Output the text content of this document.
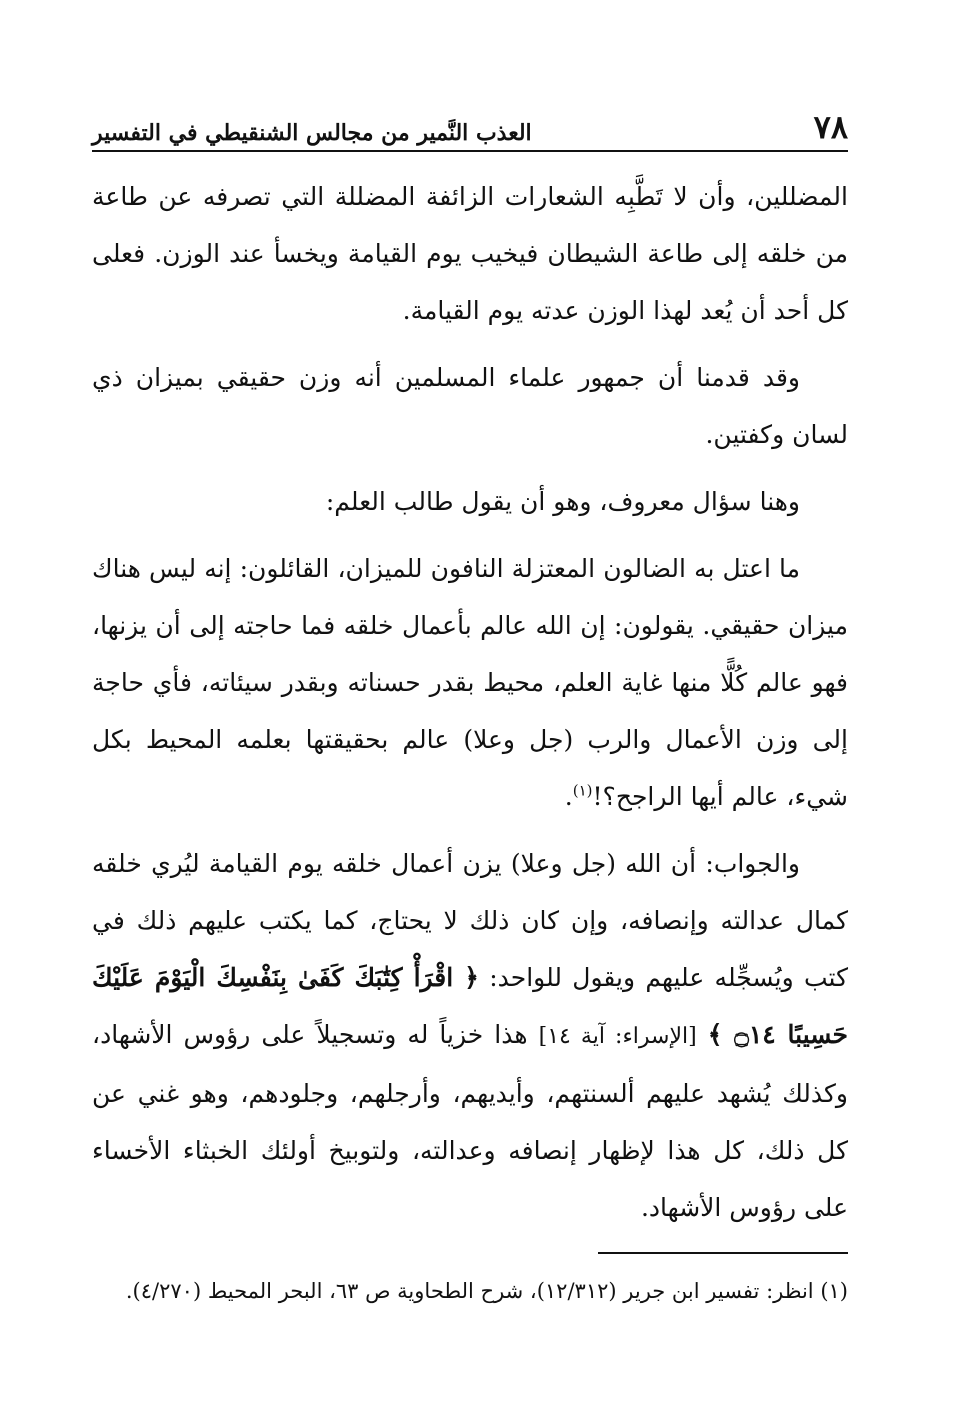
٧٨
العذب النَّمير من مجالس الشنقيطي في التفسير

المضللين، وأن لا تَطَّبِه الشعارات الزائفة المضللة التي تصرفه عن طاعة من خلقه إلى طاعة الشيطان فيخيب يوم القيامة ويخسأ عند الوزن. فعلى كل أحد أن يُعد لهذا الوزن عدته يوم القيامة.

وقد قدمنا أن جمهور علماء المسلمين أنه وزن حقيقي بميزان ذي لسان وكفتين.

وهنا سؤال معروف، وهو أن يقول طالب العلم:

ما اعتل به الضالون المعتزلة النافون للميزان، القائلون: إنه ليس هناك ميزان حقيقي. يقولون: إن الله عالم بأعمال خلقه فما حاجته إلى أن يزنها، فهو عالم كُلًّا منها غاية العلم، محيط بقدر حسناته وبقدر سيئاته، فأي حاجة إلى وزن الأعمال والرب (جل وعلا) عالم بحقيقتها بعلمه المحيط بكل شيء، عالم أيها الراجح؟!$^{(١)}$.

والجواب: أن الله (جل وعلا) يزن أعمال خلقه يوم القيامة ليُري خلقه كمال عدالته وإنصافه، وإن كان ذلك لا يحتاج، كما يكتب عليهم ذلك في كتب ويُسجِّله عليهم ويقول للواحد: ﴿ اقْرَأْ كِتَٰبَكَ كَفَىٰ بِنَفْسِكَ الْيَوْمَ عَلَيْكَ حَسِيبًا ۝١٤ ﴾ [الإسراء: آية ١٤] هذا خزياً له وتسجيلاً على رؤوس الأشهاد، وكذلك يُشهد عليهم ألسنتهم، وأيديهم، وأرجلهم، وجلودهم، وهو غني عن كل ذلك، كل هذا لإظهار إنصافه وعدالته، ولتوبيخ أولئك الخبثاء الأخساء على رؤوس الأشهاد.

(١) انظر: تفسير ابن جرير (١٢/٣١٢)، شرح الطحاوية ص ٦٣، البحر المحيط (٤/٢٧٠).
